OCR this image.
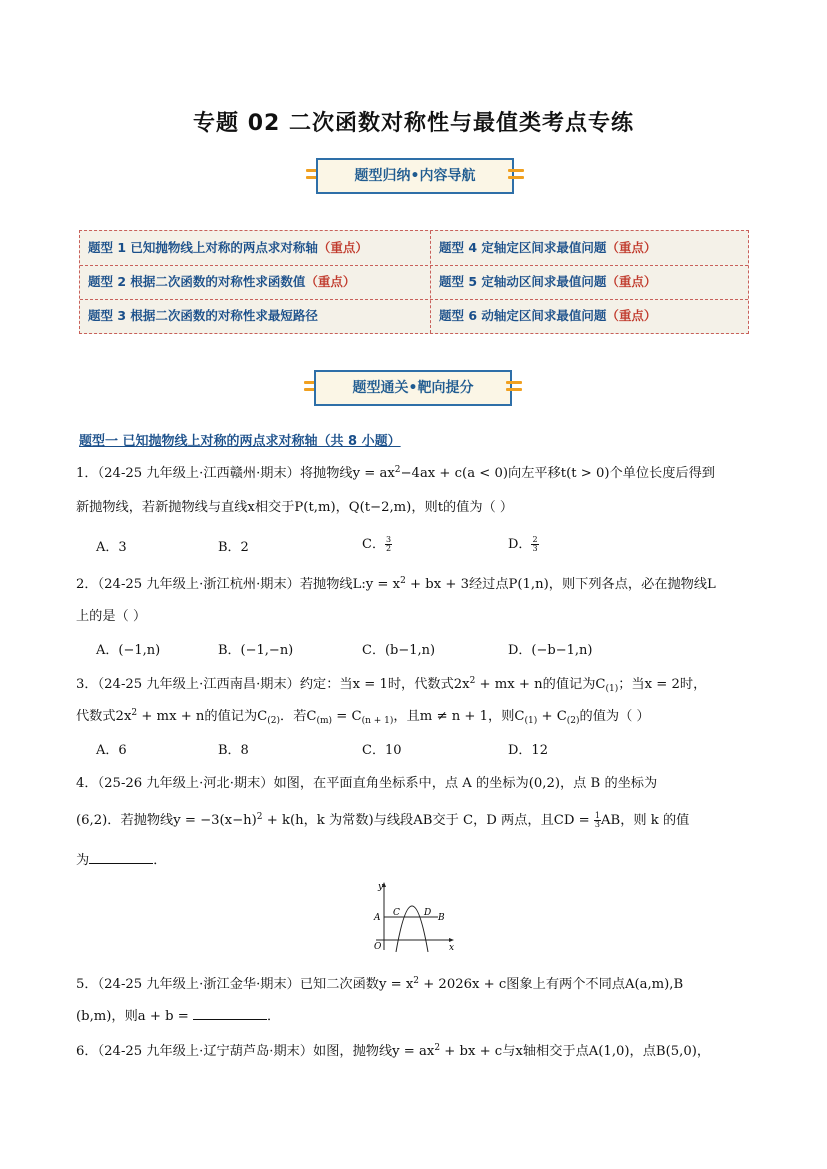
专题 02 二次函数对称性与最值类考点专练
题型归纳•内容导航
题型 1 已知抛物线上对称的两点求对称轴（重点）	题型 4 定轴定区间求最值问题（重点）
题型 2 根据二次函数的对称性求函数值（重点）	题型 5 定轴动区间求最值问题（重点）
题型 3 根据二次函数的对称性求最短路径	题型 6 动轴定区间求最值问题（重点）
题型通关•靶向提分
题型一 已知抛物线上对称的两点求对称轴（共 8 小题）
1．（24-25 九年级上·江西赣州·期末）将抛物线$y = ax^2-4ax + c(a < 0)$向左平移t(t > 0)个单位长度后得到
新抛物线，若新抛物线与直线x相交于P(t,m)，Q(t−2,m)，则t的值为（ ）
A．3	B．2	C． $\frac{3}{2}$	D． $\frac{2}{3}$
2．（24-25 九年级上·浙江杭州·期末）若抛物线L:y = $x^2$ + bx + 3经过点P(1,n)，则下列各点，必在抛物线L
上的是（ ）
A．(−1,n)	B．(−1,−n)	C．(b−1,n)	D．(−b−1,n)
3．（24-25 九年级上·江西南昌·期末）约定：当x = 1时，代数式$2x^2$ + mx + n的值记为$C_{(1)}$；当x = 2时，
代数式$2x^2$ + mx + n的值记为$C_{(2)}$．若$C_{(m)} = C_{(n + 1)}$，且m ≠ n + 1，则$C_{(1)} + C_{(2)}$的值为（ ）
A．6	B．8	C．10	D．12
4．（25-26 九年级上·河北·期末）如图，在平面直角坐标系中，点 A 的坐标为(0,2)，点 B 的坐标为
(6,2)．若抛物线$y = -3(x-h)^2 + k(h$，k 为常数)与线段AB交于 C，D 两点，且CD = $\frac{1}{3}$ AB，则 k 的值
为	．
y
x
O
A	B
C	D
5．（24-25 九年级上·浙江金华·期末）已知二次函数$y = x^2 + 2026x + c$图象上有两个不同点A(a,m),B
(b,m)，则a + b =	．
6．（24-25 九年级上·辽宁葫芦岛·期末）如图，抛物线$y = ax^2$ + bx + c与x轴相交于点A(1,0)，点B(5,0)，
